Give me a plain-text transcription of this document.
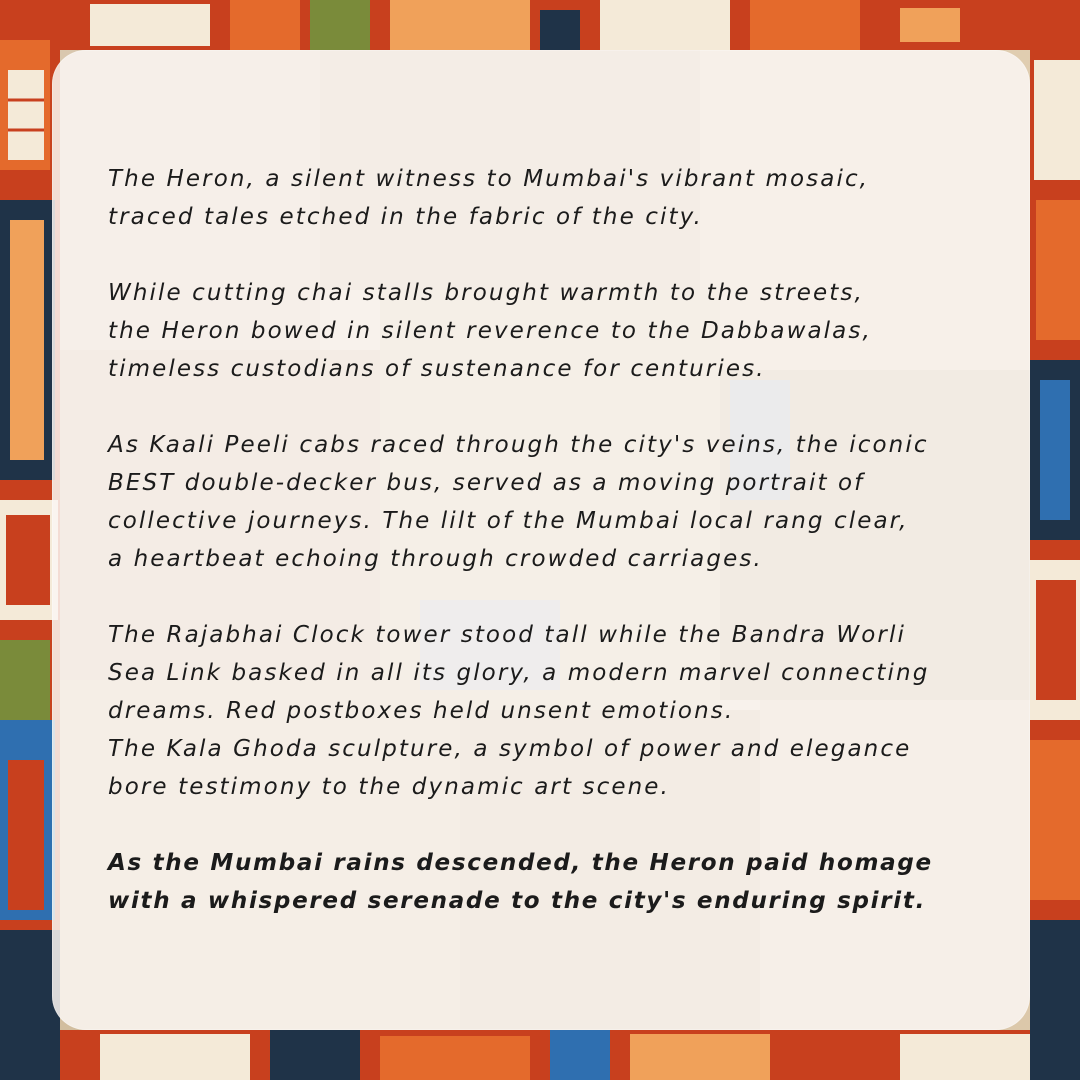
The Heron, a silent witness to Mumbai's vibrant mosaic,
traced tales etched in the fabric of the city.

While cutting chai stalls brought warmth to the streets,
the Heron bowed in silent reverence to the Dabbawalas,
timeless custodians of sustenance for centuries.

As Kaali Peeli cabs raced through the city's veins, the iconic
BEST double-decker bus, served as a moving portrait of
collective journeys. The lilt of the Mumbai local rang clear,
a heartbeat echoing through crowded carriages.

The Rajabhai Clock tower stood tall while the Bandra Worli
Sea Link basked in all its glory, a modern marvel connecting
dreams. Red postboxes held unsent emotions.
The Kala Ghoda sculpture, a symbol of power and elegance
bore testimony to the dynamic art scene.

As the Mumbai rains descended, the Heron paid homage
with a whispered serenade to the city's enduring spirit.
